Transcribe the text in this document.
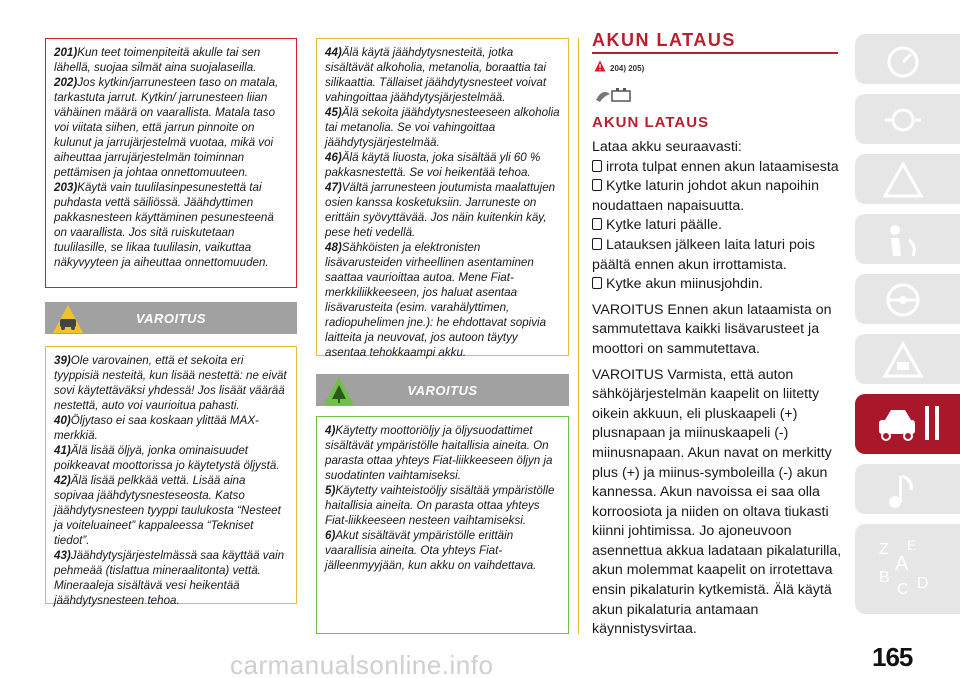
201)Kun teet toimenpiteitä akulle tai sen lähellä, suojaa silmät aina suojalaseilla.

202)Jos kytkin/jarrunesteen taso on matala, tarkastuta jarrut. Kytkin/ jarrunesteen liian vähäinen määrä on vaarallista. Matala taso voi viitata siihen, että jarrun pinnoite on kulunut ja jarrujärjestelmä vuotaa, mikä voi aiheuttaa jarrujärjestelmän toiminnan pettämisen ja johtaa onnettomuuteen.

203)Käytä vain tuulilasinpesunestettä tai puhdasta vettä säiliössä. Jäähdyttimen pakkasnesteen käyttäminen pesunesteenä on vaarallista. Jos sitä ruiskutetaan tuulilasille, se likaa tuulilasin, vaikuttaa näkyvyyteen ja aiheuttaa onnettomuuden.

VAROITUS

39)Ole varovainen, että et sekoita eri tyyppisiä nesteitä, kun lisää nestettä: ne eivät sovi käytettäväksi yhdessä! Jos lisäät väärää nestettä, auto voi vaurioitua pahasti.

40)Öljytaso ei saa koskaan ylittää MAX-merkkiä.

41)Älä lisää öljyä, jonka ominaisuudet poikkeavat moottorissa jo käytetystä öljystä.

42)Älä lisää pelkkää vettä. Lisää aina sopivaa jäähdytysnesteseosta. Katso jäähdytysnesteen tyyppi taulukosta “Nesteet ja voiteluaineet” kappaleessa “Tekniset tiedot”.

43)Jäähdytysjärjestelmässä saa käyttää vain pehmeää (tislattua mineraalitonta) vettä. Mineraaleja sisältävä vesi heikentää jäähdytysnesteen tehoa.

44)Älä käytä jäähdytysnesteitä, jotka sisältävät alkoholia, metanolia, boraattia tai silikaattia. Tällaiset jäähdytysnesteet voivat vahingoittaa jäähdytysjärjestelmää.

45)Älä sekoita jäähdytysnesteeseen alkoholia tai metanolia. Se voi vahingoittaa jäähdytysjärjestelmää.

46)Älä käytä liuosta, joka sisältää yli 60 % pakkasnestettä. Se voi heikentää tehoa.

47)Vältä jarrunesteen joutumista maalattujen osien kanssa kosketuksiin. Jarruneste on erittäin syövyttävää. Jos näin kuitenkin käy, pese heti vedellä.

48)Sähköisten ja elektronisten lisävarusteiden virheellinen asentaminen saattaa vaurioittaa autoa. Mene Fiat-merkkiliikkeeseen, jos haluat asentaa lisävarusteita (esim. varahälyttimen, radiopuhelimen jne.): he ehdottavat sopivia laitteita ja neuvovat, jos autoon täytyy asentaa tehokkaampi akku.

VAROITUS

4)Käytetty moottoriöljy ja öljysuodattimet sisältävät ympäristölle haitallisia aineita. On parasta ottaa yhteys Fiat-liikkeeseen öljyn ja suodatinten vaihtamiseksi.

5)Käytetty vaihteistoöljy sisältää ympäristölle haitallisia aineita. On parasta ottaa yhteys Fiat-liikkeeseen nesteen vaihtamiseksi.

6)Akut sisältävät ympäristölle erittäin vaarallisia aineita. Ota yhteys Fiat-jälleenmyyjään, kun akku on vaihdettava.

AKUN LATAUS
204) 205)
AKUN LATAUS
Lataa akku seuraavasti:
irrota tulpat ennen akun lataamisesta
Kytke laturin johdot akun napoihin
noudattaen napaisuutta.
Kytke laturi päälle.
Latauksen jälkeen laita laturi pois
päältä ennen akun irrottamista.
Kytke akun miinusjohdin.
VAROITUS Ennen akun lataamista on
sammutettava kaikki lisävarusteet ja
moottori on sammutettava.
VAROITUS Varmista, että auton
sähköjärjestelmän kaapelit on liitetty
oikein akkuun, eli pluskaapeli (+)
plusnapaan ja miinuskaapeli (-)
miinusnapaan. Akun navat on merkitty
plus (+) ja miinus-symboleilla (-) akun
kannessa. Akun navoissa ei saa olla
korroosiota ja niiden on oltava tiukasti
kiinni johtimissa. Jo ajoneuvoon
asennettua akkua ladataan pikalaturilla,
akun molemmat kaapelit on irrotettava
ensin pikalaturin kytkemistä. Älä käytä
akun pikalaturia antamaan
käynnistysvirtaa.
Z E
A
B
C D
165
carmanualsonline.info
